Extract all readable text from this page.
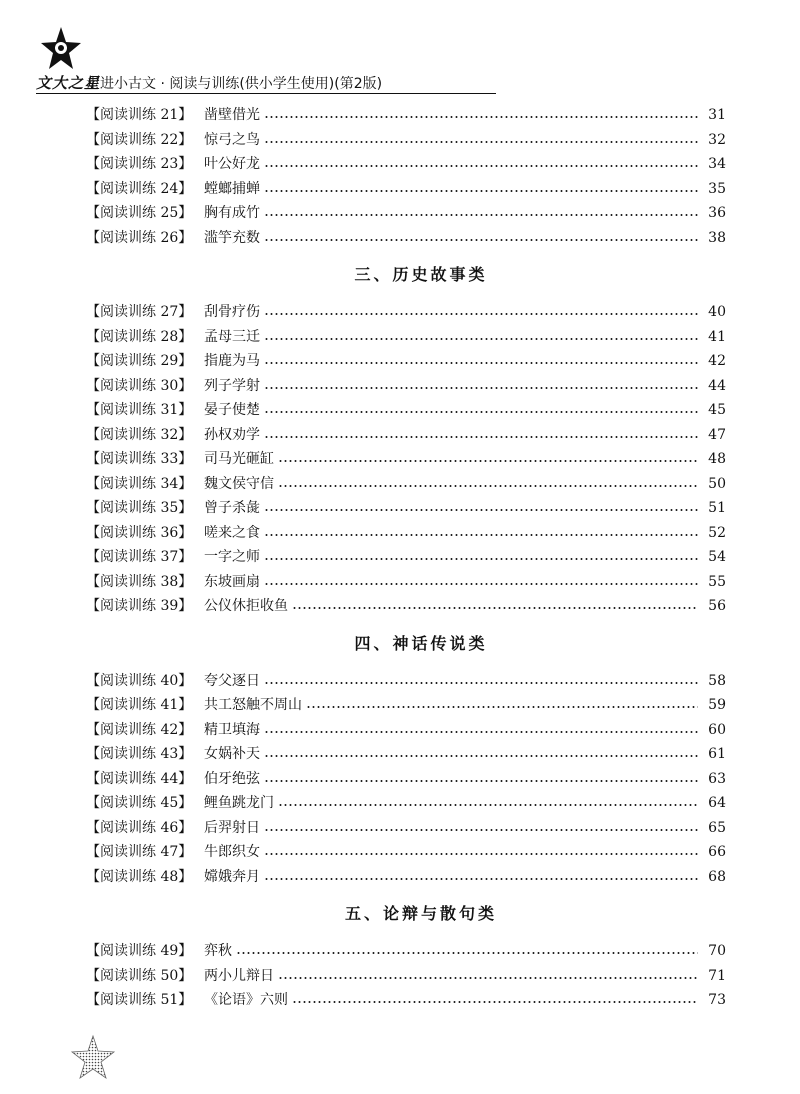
文大之星
走进小古文 · 阅读与训练(供小学生使用)(第2版)
【阅读训练 21】 凿壁借光	31
【阅读训练 22】 惊弓之鸟	32
【阅读训练 23】 叶公好龙	34
【阅读训练 24】 螳螂捕蝉	35
【阅读训练 25】 胸有成竹	36
【阅读训练 26】 滥竽充数	38
三、历史故事类
【阅读训练 27】 刮骨疗伤	40
【阅读训练 28】 孟母三迁	41
【阅读训练 29】 指鹿为马	42
【阅读训练 30】 列子学射	44
【阅读训练 31】 晏子使楚	45
【阅读训练 32】 孙权劝学	47
【阅读训练 33】 司马光砸缸	48
【阅读训练 34】 魏文侯守信	50
【阅读训练 35】 曾子杀彘	51
【阅读训练 36】 嗟来之食	52
【阅读训练 37】 一字之师	54
【阅读训练 38】 东坡画扇	55
【阅读训练 39】 公仪休拒收鱼	56
四、神话传说类
【阅读训练 40】 夸父逐日	58
【阅读训练 41】 共工怒触不周山	59
【阅读训练 42】 精卫填海	60
【阅读训练 43】 女娲补天	61
【阅读训练 44】 伯牙绝弦	63
【阅读训练 45】 鲤鱼跳龙门	64
【阅读训练 46】 后羿射日	65
【阅读训练 47】 牛郎织女	66
【阅读训练 48】 嫦娥奔月	68
五、论辩与散句类
【阅读训练 49】 弈秋	70
【阅读训练 50】 两小儿辩日	71
【阅读训练 51】 《论语》六则	73
